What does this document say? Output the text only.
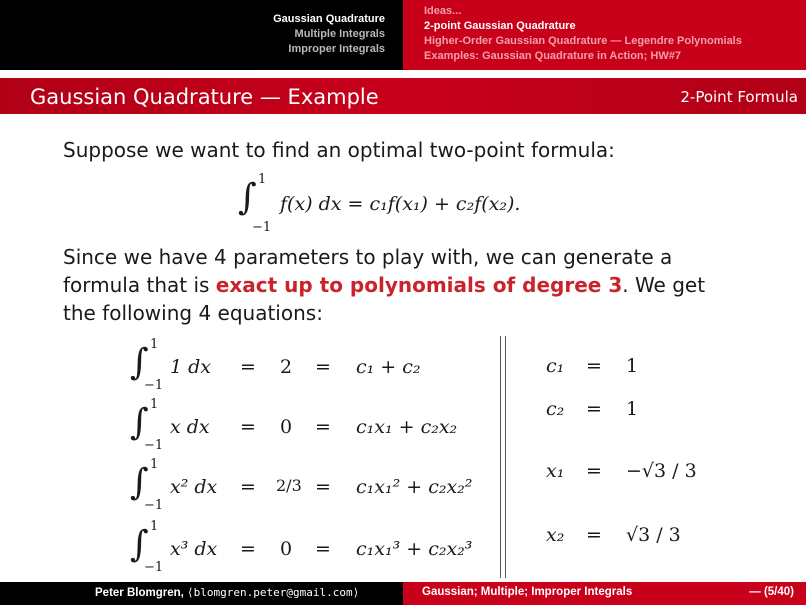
Gaussian Quadrature
Multiple Integrals
Improper Integrals
Ideas...
2-point Gaussian Quadrature
Higher-Order Gaussian Quadrature — Legendre Polynomials
Examples: Gaussian Quadrature in Action; HW#7
Gaussian Quadrature — Example	2-Point Formula
Suppose we want to find an optimal two-point formula:
∫ 1
−1
f(x) dx = c₁f(x₁) + c₂f(x₂).
Since we have 4 parameters to play with, we can generate a
formula that is exact up to polynomials of degree 3. We get
the following 4 equations:
∫ 1
−1
1 dx = 2 = c₁ + c₂
∫ 1
−1
x dx = 0 = c₁x₁ + c₂x₂
∫ 1
−1
x² dx = 2/3 = c₁x₁² + c₂x₂²
∫ 1
−1
x³ dx = 0 = c₁x₁³ + c₂x₂³
c₁ = 1
c₂ = 1
x₁ = −√3 / 3
x₂ = √3 / 3
Peter Blomgren, ⟨blomgren.peter@gmail.com⟩	Gaussian; Multiple; Improper Integrals	— (5/40)
